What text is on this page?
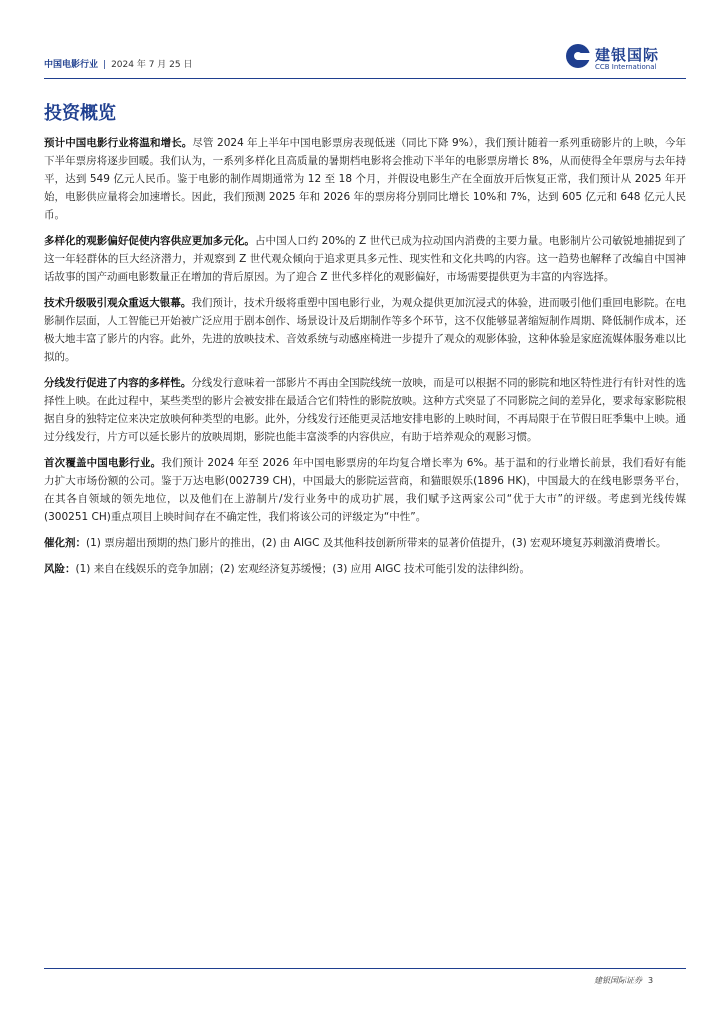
中国电影行业 | 2024 年 7 月 25 日
建银国际
CCB International
投资概览

预计中国电影行业将温和增长。尽管 2024 年上半年中国电影票房表现低迷（同比下降 9%），我们预计随着一系列重磅影片的上映，今年下半年票房将逐步回暖。我们认为，一系列多样化且高质量的暑期档电影将会推动下半年的电影票房增长 8%，从而使得全年票房与去年持平，达到 549 亿元人民币。鉴于电影的制作周期通常为 12 至 18 个月，并假设电影生产在全面放开后恢复正常，我们预计从 2025 年开始，电影供应量将会加速增长。因此，我们预测 2025 年和 2026 年的票房将分别同比增长 10%和 7%，达到 605 亿元和 648 亿元人民币。

多样化的观影偏好促使内容供应更加多元化。占中国人口约 20%的 Z 世代已成为拉动国内消费的主要力量。电影制片公司敏锐地捕捉到了这一年轻群体的巨大经济潜力，并观察到 Z 世代观众倾向于追求更具多元性、现实性和文化共鸣的内容。这一趋势也解释了改编自中国神话故事的国产动画电影数量正在增加的背后原因。为了迎合 Z 世代多样化的观影偏好，市场需要提供更为丰富的内容选择。

技术升级吸引观众重返大银幕。我们预计，技术升级将重塑中国电影行业，为观众提供更加沉浸式的体验，进而吸引他们重回电影院。在电影制作层面，人工智能已开始被广泛应用于剧本创作、场景设计及后期制作等多个环节，这不仅能够显著缩短制作周期、降低制作成本，还极大地丰富了影片的内容。此外，先进的放映技术、音效系统与动感座椅进一步提升了观众的观影体验，这种体验是家庭流媒体服务难以比拟的。

分线发行促进了内容的多样性。分线发行意味着一部影片不再由全国院线统一放映，而是可以根据不同的影院和地区特性进行有针对性的选择性上映。在此过程中，某些类型的影片会被安排在最适合它们特性的影院放映。这种方式突显了不同影院之间的差异化，要求每家影院根据自身的独特定位来决定放映何种类型的电影。此外，分线发行还能更灵活地安排电影的上映时间，不再局限于在节假日旺季集中上映。通过分线发行，片方可以延长影片的放映周期，影院也能丰富淡季的内容供应，有助于培养观众的观影习惯。

首次覆盖中国电影行业。我们预计 2024 年至 2026 年中国电影票房的年均复合增长率为 6%。基于温和的行业增长前景，我们看好有能力扩大市场份额的公司。鉴于万达电影(002739 CH)，中国最大的影院运营商，和猫眼娱乐(1896 HK)，中国最大的在线电影票务平台，在其各自领域的领先地位，以及他们在上游制片/发行业务中的成功扩展，我们赋予这两家公司“优于大市”的评级。考虑到光线传媒(300251 CH)重点项目上映时间存在不确定性，我们将该公司的评级定为“中性”。

催化剂：(1) 票房超出预期的热门影片的推出，(2) 由 AIGC 及其他科技创新所带来的显著价值提升，(3) 宏观环境复苏刺激消费增长。

风险：(1) 来自在线娱乐的竞争加剧；(2) 宏观经济复苏缓慢；(3) 应用 AIGC 技术可能引发的法律纠纷。

建银国际证券 3
